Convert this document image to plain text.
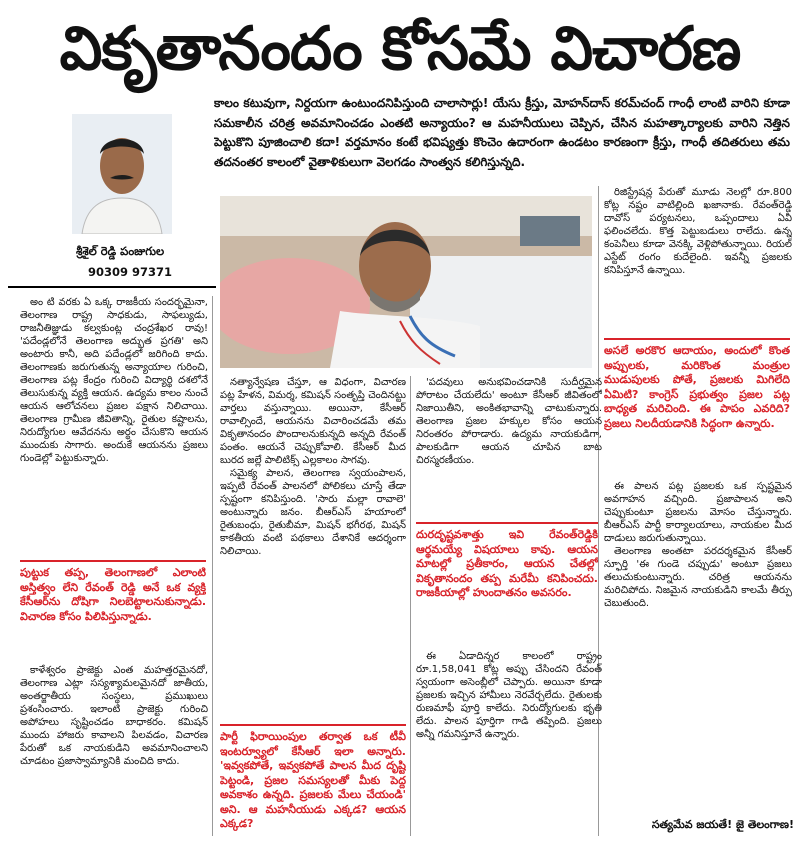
వికృతానందం కోసమే విచారణ
శ్రీశైల్ రెడ్డి పంజుగుల
90309 97371
కాలం కటువుగా, నిర్దయగా ఉంటుందనిపిస్తుంది చాలాసార్లు! యేసు క్రీస్తు, మోహన్‌దాస్ కరమ్‌చంద్ గాంధీ లాంటి వారిని కూడా సమకాలీన చరిత్ర అవమానించడం ఎంతటి అన్యాయం? ఆ మహనీయులు చెప్పిన, చేసిన మహత్కార్యాలకు వారిని నెత్తిన పెట్టుకొని పూజించాలి కదా! వర్తమానం కంటే భవిష్యత్తు కొంచెం ఉదారంగా ఉండటం కారణంగా క్రీస్తు, గాంధీ తదితరులు తమ తదనంతర కాలంలో వైతాళికులుగా వెలగడం సాంత్వన కలిగిస్తున్నది.

అం టి వరకు ఏ ఒక్క రాజకీయ సందర్భమైనా, తెలంగాణ రాష్ట్ర సాధకుడు, సాఫల్యుడు, రాజనీతిజ్ఞుడు కల్వకుంట్ల చంద్రశేఖర రావు! 'పదేండ్లలోనే తెలంగాణ అద్భుత ప్రగతి' అని అంటారు కానీ, అది పదేండ్లలో జరిగింది కాదు. తెలంగాణకు జరుగుతున్న అన్యాయాల గురించి, తెలంగాణ పట్ల కేంద్రం గురించి విద్యార్థి దశలోనే తెలుసుకున్న వ్యక్తి ఆయన. ఉద్యమ కాలం నుంచే ఆయన ఆలోచనలు ప్రజల పక్షాన నిలిచాయి. తెలంగాణ గ్రామీణ జీవితాన్ని, రైతుల కష్టాలను, నిరుద్యోగుల ఆవేదనను అర్థం చేసుకొని ఆయన ముందుకు సాగారు. అందుకే ఆయనను ప్రజలు గుండెల్లో పెట్టుకున్నారు.

పుట్టుక తప్ప, తెలంగాణలో ఎలాంటి అస్తిత్వం లేని రేవంత్ రెడ్డి అనే ఒక వ్యక్తి కేసీఆర్‌ను దోషిగా నిలబెట్టాలనుకున్నాడు. విచారణ కోసం పిలిపిస్తున్నాడు.

కాళేశ్వరం ప్రాజెక్టు ఎంత మహత్తరమైనదో, తెలంగాణ ఎట్లా సస్యశ్యామలమైనదో జాతీయ, అంతర్జాతీయ సంస్థలు, ప్రముఖులు ప్రశంసించారు. ఇలాంటి ప్రాజెక్టు గురించి అపోహలు సృష్టించడం బాధాకరం. కమిషన్ ముందు హాజరు కావాలని పిలవడం, విచారణ పేరుతో ఒక నాయకుడిని అవమానించాలని చూడటం ప్రజాస్వామ్యానికి మంచిది కాదు.

నత్యాన్వేషణ చేస్తూ, ఆ విధంగా, విచారణ పట్ల హేళన, విమర్శ, కమిషన్ సంతృప్తి చెందినట్టు వార్తలు వస్తున్నాయి. అయినా, కేసీఆర్ రావాల్సిందే, ఆయనను విచారించడమే తమ వికృతానందం పొందాలనుకున్నది అన్నది రేవంత్ పంతం. ఆయనే చెప్పుకోవాలి. కేసీఆర్ మీద బురద జల్లే పాలిటిక్స్ ఎల్లకాలం సాగవు.

సమైక్య పాలన, తెలంగాణ స్వయంపాలన, ఇప్పటి రేవంత్ పాలనలో పోలికలు చూస్తే తేడా స్పష్టంగా కనిపిస్తుంది. 'సారు మల్లా రావాలె' అంటున్నారు జనం. బీఆర్ఎస్ హయాంలో రైతుబంధు, రైతుబీమా, మిషన్ భగీరథ, మిషన్ కాకతీయ వంటి పథకాలు దేశానికే ఆదర్శంగా నిలిచాయి.

పార్టీ ఫిరాయింపుల తర్వాత ఒక టీవీ ఇంటర్వ్యూలో కేసీఆర్ ఇలా అన్నారు. 'ఇవ్వకపోతే, ఇవ్వకపోతే పాలన మీద దృష్టి పెట్టండి, ప్రజల సమస్యలతో మీకు పెద్ద అవకాశం ఉన్నది. ప్రజలకు మేలు చేయండి' అని. ఆ మహనీయుడు ఎక్కడ? ఆయన ఎక్కడ?

'పదవులు అనుభవించడానికి సుదీర్ఘమైన పోరాటం చేయలేదు' అంటూ కేసీఆర్ జీవితంలో నిజాయితీని, అంకితభావాన్ని చాటుకున్నారు. తెలంగాణ ప్రజల హక్కుల కోసం ఆయన నిరంతరం పోరాడారు. ఉద్యమ నాయకుడిగా, పాలకుడిగా ఆయన చూపిన బాట చిరస్మరణీయం.

దురదృష్టవశాత్తు ఇవి రేవంత్‌రెడ్డికి ఆర్థమయ్యే విషయాలు కావు. ఆయన మాటల్లో ప్రతీకారం, ఆయన చేతల్లో వికృతానందం తప్ప మరేమీ కనిపించదు. రాజకీయాల్లో హుందాతనం అవసరం.

ఈ ఏడాదిన్నర కాలంలో రాష్ట్రం రూ.1,58,041 కోట్ల అప్పు చేసిందని రేవంత్ స్వయంగా అసెంబ్లీలో చెప్పారు. అయినా కూడా ప్రజలకు ఇచ్చిన హామీలు నెరవేర్చలేదు. రైతులకు రుణమాఫీ పూర్తి కాలేదు. నిరుద్యోగులకు భృతి లేదు. పాలన పూర్తిగా గాడి తప్పింది. ప్రజలు అన్నీ గమనిస్తూనే ఉన్నారు.

రిజిస్ట్రేషన్ల పేరుతో మూడు నెలల్లో రూ.800 కోట్ల నష్టం వాటిల్లింది ఖజానాకు. రేవంత్‌రెడ్డి దావోస్ పర్యటనలు, ఒప్పందాలు ఏవీ ఫలించలేదు. కొత్త పెట్టుబడులు రాలేదు. ఉన్న కంపెనీలు కూడా వెనక్కి వెళ్లిపోతున్నాయి. రియల్ ఎస్టేట్ రంగం కుదేలైంది. ఇవన్నీ ప్రజలకు కనిపిస్తూనే ఉన్నాయి.

అసలే అరకొర ఆదాయం, అందులో కొంత అప్పులకు, మరికొంత మంత్రుల ముడుపులకు పోతే, ప్రజలకు మిగిలేది ఏమిటి? కాంగ్రెస్ ప్రభుత్వం ప్రజల పట్ల బాధ్యత మరిచింది. ఈ పాపం ఎవరిది? ప్రజలు నిలదీయడానికి సిద్ధంగా ఉన్నారు.

ఈ పాలన పట్ల ప్రజలకు ఒక స్పష్టమైన అవగాహన వచ్చింది. ప్రజాపాలన అని చెప్పుకుంటూ ప్రజలను మోసం చేస్తున్నారు. బీఆర్ఎస్ పార్టీ కార్యాలయాలు, నాయకుల మీద దాడులు జరుగుతున్నాయి.

తెలంగాణ అంతటా పరదర్శకమైన కేసీఆర్ స్ఫూర్తి 'ఈ గుండె చప్పుడు' అంటూ ప్రజలు తలుచుకుంటున్నారు. చరిత్ర ఆయనను మరిచిపోదు. నిజమైన నాయకుడిని కాలమే తీర్పు చెబుతుంది.

సత్యమేవ జయతే! జై తెలంగాణ!
